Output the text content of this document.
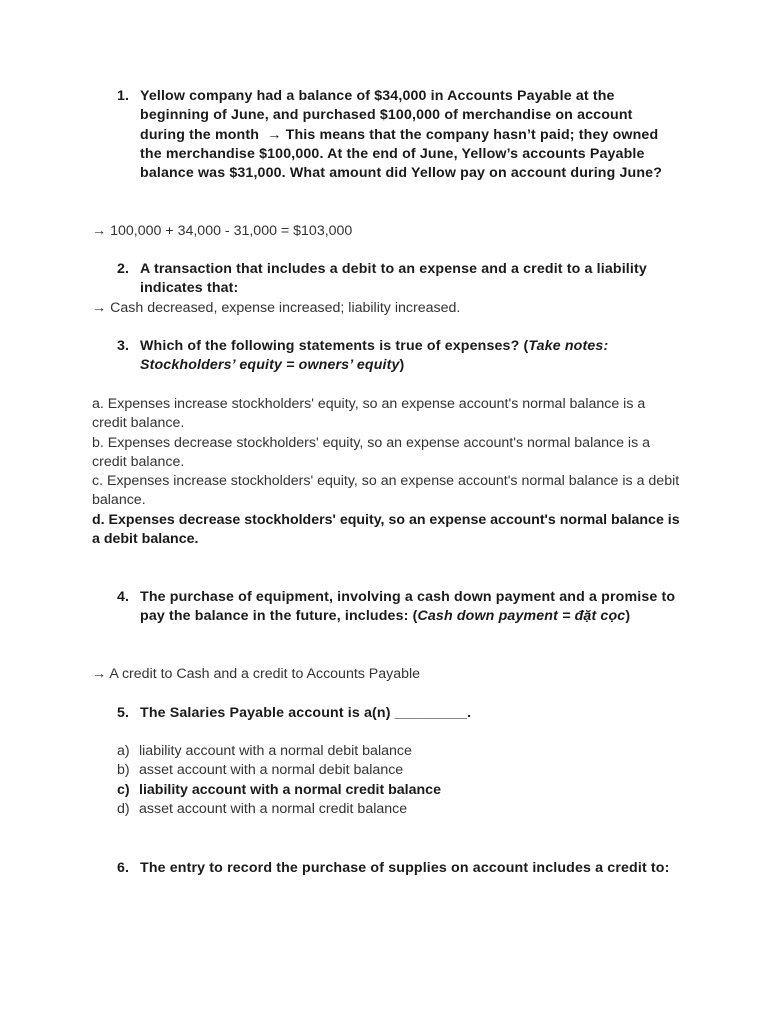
1. Yellow company had a balance of $34,000 in Accounts Payable at the beginning of June, and purchased $100,000 of merchandise on account during the month → This means that the company hasn’t paid; they owned the merchandise $100,000. At the end of June, Yellow’s accounts Payable balance was $31,000. What amount did Yellow pay on account during June?
→ 100,000 + 34,000 - 31,000 = $103,000
2. A transaction that includes a debit to an expense and a credit to a liability indicates that:
→ Cash decreased, expense increased; liability increased.
3. Which of the following statements is true of expenses? (Take notes: Stockholders’ equity = owners’ equity)
a. Expenses increase stockholders' equity, so an expense account's normal balance is a credit balance.
b. Expenses decrease stockholders' equity, so an expense account's normal balance is a credit balance.
c. Expenses increase stockholders' equity, so an expense account's normal balance is a debit balance.
d. Expenses decrease stockholders' equity, so an expense account's normal balance is a debit balance.
4. The purchase of equipment, involving a cash down payment and a promise to pay the balance in the future, includes: (Cash down payment = đặt cọc)
→ A credit to Cash and a credit to Accounts Payable
5. The Salaries Payable account is a(n) _________.
a) liability account with a normal debit balance
b) asset account with a normal debit balance
c) liability account with a normal credit balance
d) asset account with a normal credit balance
6. The entry to record the purchase of supplies on account includes a credit to:
